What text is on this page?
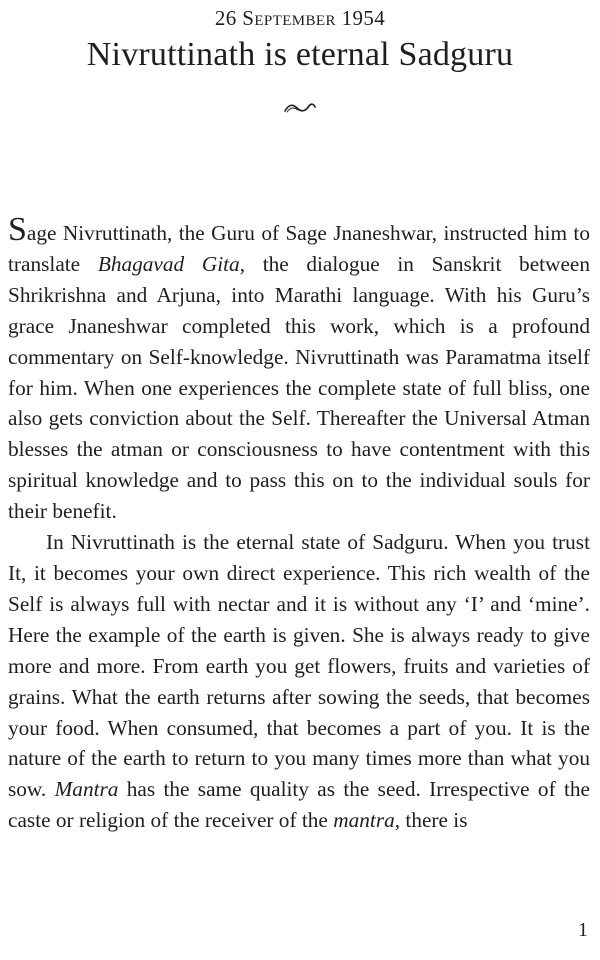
26 September 1954
Nivruttinath is eternal Sadguru

Sage Nivruttinath, the Guru of Sage Jnaneshwar, instructed him to translate Bhagavad Gita, the dialogue in Sanskrit between Shrikrishna and Arjuna, into Marathi language. With his Guru’s grace Jnaneshwar completed this work, which is a profound commentary on Self-knowledge. Nivruttinath was Paramatma itself for him. When one experiences the complete state of full bliss, one also gets conviction about the Self. Thereafter the Universal Atman blesses the atman or consciousness to have contentment with this spiritual knowledge and to pass this on to the individual souls for their benefit.

In Nivruttinath is the eternal state of Sadguru. When you trust It, it becomes your own direct experience. This rich wealth of the Self is always full with nectar and it is without any ‘I’ and ‘mine’. Here the example of the earth is given. She is always ready to give more and more. From earth you get flowers, fruits and varieties of grains. What the earth returns after sowing the seeds, that becomes your food. When consumed, that becomes a part of you. It is the nature of the earth to return to you many times more than what you sow. Mantra has the same quality as the seed. Irrespective of the caste or religion of the receiver of the mantra, there is

1
